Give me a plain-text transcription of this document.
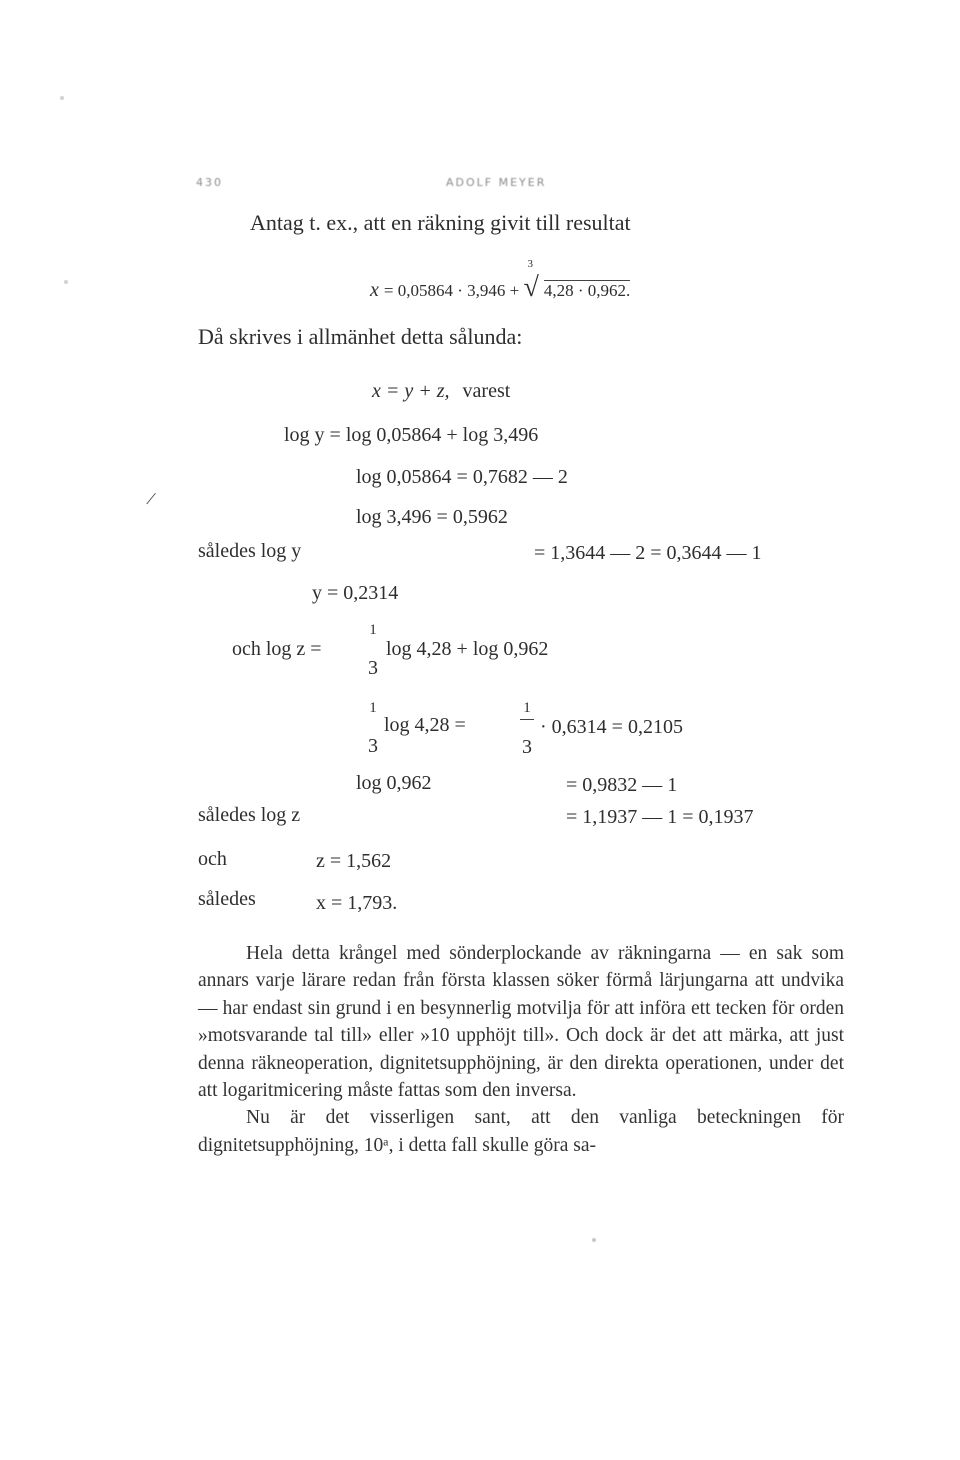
430	ADOLF MEYER
/
Antag t. ex., att en räkning givit till resultat
x = 0,05864 · 3,946 +
3
√ 4,28 · 0,962.
Då skrives i allmänhet detta sålunda:
x = y + z, varest
log y = log 0,05864 + log 3,496
log 0,05864 = 0,7682 — 2
log 3,496 = 0,5962
således log y	= 1,3644 — 2 = 0,3644 — 1
y = 0,2314
och log z =
1
3
log 4,28 + log 0,962
1
3
log 4,28 =
1
3
· 0,6314 = 0,2105
log 0,962	= 0,9832 — 1
således log z	= 1,1937 — 1 = 0,1937
och	z = 1,562
således	x = 1,793.

Hela detta krångel med sönderplockande av räkningarna — en sak som annars varje lärare redan från första klassen söker förmå lärjungarna att undvika — har endast sin grund i en besynnerlig motvilja för att införa ett tecken för orden »motsvarande tal till» eller »10 upphöjt till». Och dock är det att märka, att just denna räkneoperation, dignitetsupphöjning, är den direkta operationen, under det att logaritmicering måste fattas som den inversa.

Nu är det visserligen sant, att den vanliga beteckningen för dignitetsupphöjning, 10ᵃ, i detta fall skulle göra sa-
